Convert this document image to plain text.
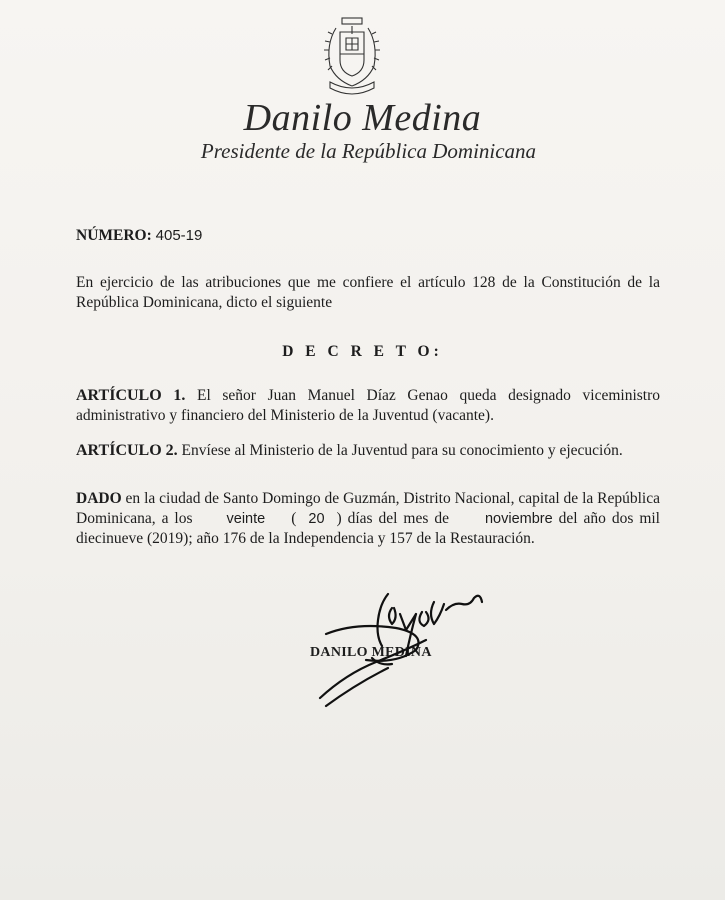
Danilo Medina
Presidente de la República Dominicana
NÚMERO: 405-19
En ejercicio de las atribuciones que me confiere el artículo 128 de la Constitución de la República Dominicana, dicto el siguiente
D E C R E T O:
ARTÍCULO 1. El señor Juan Manuel Díaz Genao queda designado viceministro administrativo y financiero del Ministerio de la Juventud (vacante).
ARTÍCULO 2. Envíese al Ministerio de la Juventud para su conocimiento y ejecución.
DADO en la ciudad de Santo Domingo de Guzmán, Distrito Nacional, capital de la República Dominicana, a los veinte ( 20 ) días del mes de noviembre del año dos mil diecinueve (2019); año 176 de la Independencia y 157 de la Restauración.
DANILO MEDINA
